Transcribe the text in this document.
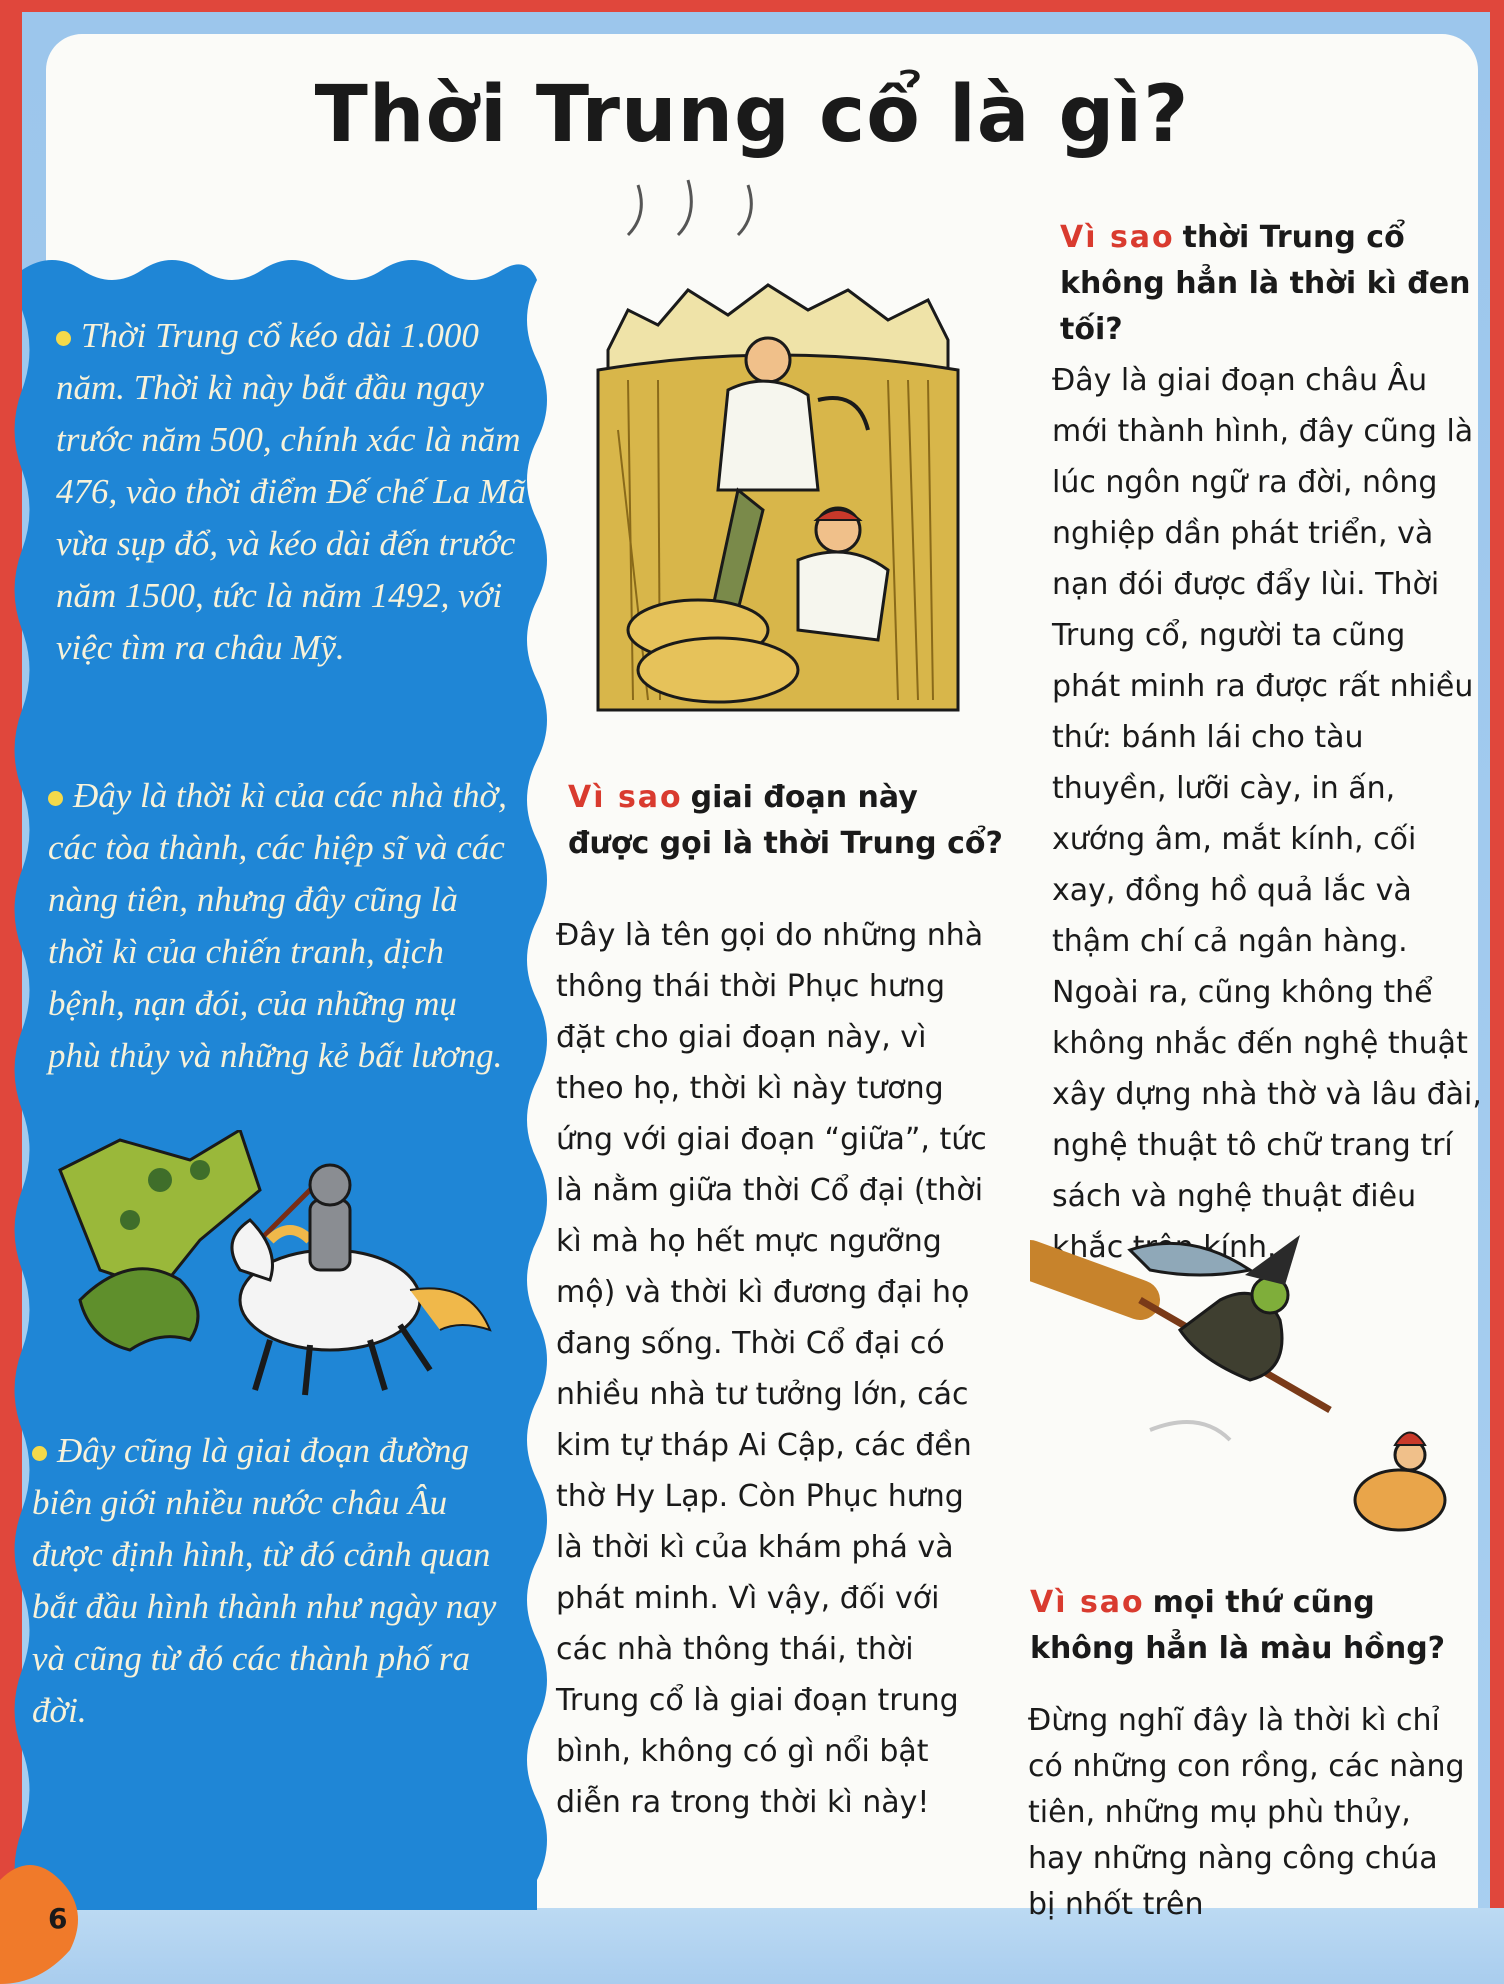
Thời Trung cổ là gì?
Thời Trung cổ kéo dài 1.000 năm. Thời kì này bắt đầu ngay trước năm 500, chính xác là năm 476, vào thời điểm Đế chế La Mã vừa sụp đổ, và kéo dài đến trước năm 1500, tức là năm 1492, với việc tìm ra châu Mỹ.
Đây là thời kì của các nhà thờ, các tòa thành, các hiệp sĩ và các nàng tiên, nhưng đây cũng là thời kì của chiến tranh, dịch bệnh, nạn đói, của những mụ phù thủy và những kẻ bất lương.
Đây cũng là giai đoạn đường biên giới nhiều nước châu Âu được định hình, từ đó cảnh quan bắt đầu hình thành như ngày nay và cũng từ đó các thành phố ra đời.
6
Vì sao giai đoạn này được gọi là thời Trung cổ?
Đây là tên gọi do những nhà thông thái thời Phục hưng đặt cho giai đoạn này, vì theo họ, thời kì này tương ứng với giai đoạn “giữa”, tức là nằm giữa thời Cổ đại (thời kì mà họ hết mực ngưỡng mộ) và thời kì đương đại họ đang sống. Thời Cổ đại có nhiều nhà tư tưởng lớn, các kim tự tháp Ai Cập, các đền thờ Hy Lạp. Còn Phục hưng là thời kì của khám phá và phát minh. Vì vậy, đối với các nhà thông thái, thời Trung cổ là giai đoạn trung bình, không có gì nổi bật diễn ra trong thời kì này!
Vì sao thời Trung cổ không hẳn là thời kì đen tối?
Đây là giai đoạn châu Âu mới thành hình, đây cũng là lúc ngôn ngữ ra đời, nông nghiệp dần phát triển, và nạn đói được đẩy lùi. Thời Trung cổ, người ta cũng phát minh ra được rất nhiều thứ: bánh lái cho tàu thuyền, lưỡi cày, in ấn, xướng âm, mắt kính, cối xay, đồng hồ quả lắc và thậm chí cả ngân hàng. Ngoài ra, cũng không thể không nhắc đến nghệ thuật xây dựng nhà thờ và lâu đài, nghệ thuật tô chữ trang trí sách và nghệ thuật điêu khắc kính...
Vì sao mọi thứ cũng không hẳn là màu hồng?
Đừng nghĩ đây là thời kì chỉ có những con rồng, các nàng tiên, những mụ phù thủy, hay những nàng công chúa bị nhốt trên
